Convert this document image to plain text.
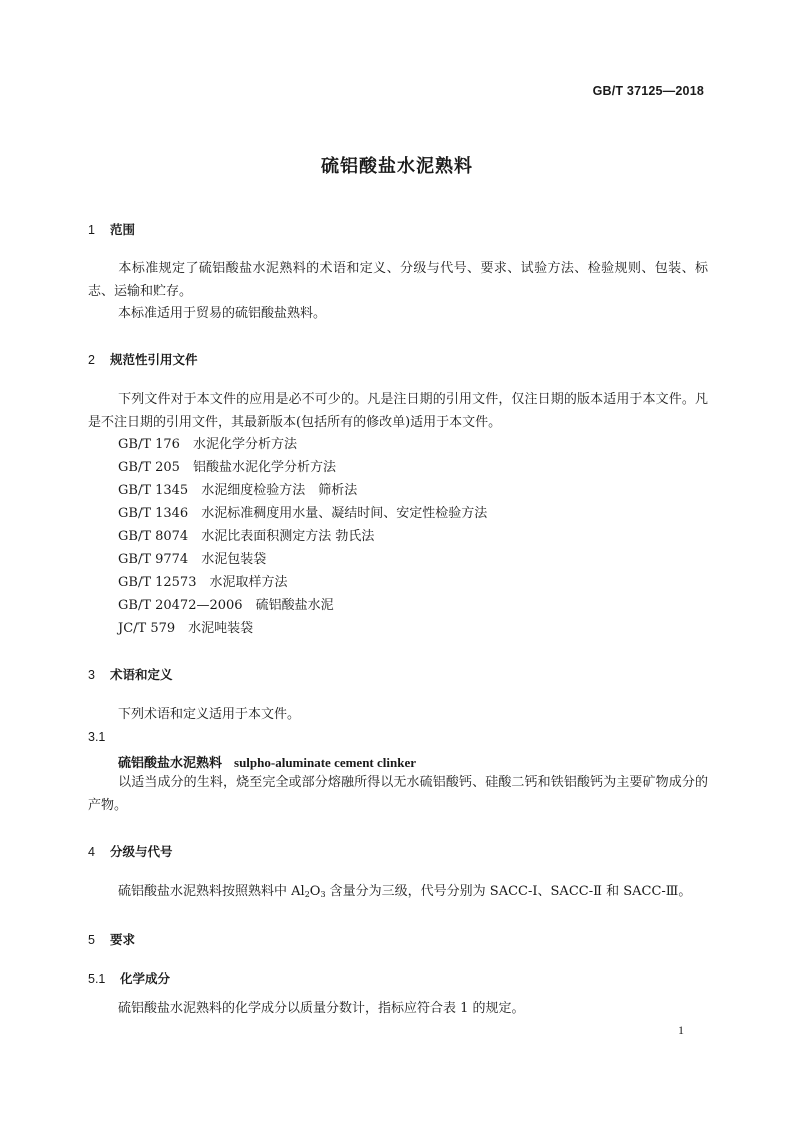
GB/T 37125—2018
硫铝酸盐水泥熟料
1 范围
本标准规定了硫铝酸盐水泥熟料的术语和定义、分级与代号、要求、试验方法、检验规则、包装、标志、运输和贮存。
本标准适用于贸易的硫铝酸盐熟料。
2 规范性引用文件
下列文件对于本文件的应用是必不可少的。凡是注日期的引用文件，仅注日期的版本适用于本文件。凡是不注日期的引用文件，其最新版本(包括所有的修改单)适用于本文件。
GB/T 176　 水泥化学分析方法
GB/T 205　 铝酸盐水泥化学分析方法
GB/T 1345　 水泥细度检验方法　筛析法
GB/T 1346　 水泥标准稠度用水量、凝结时间、安定性检验方法
GB/T 8074　 水泥比表面积测定方法 勃氏法
GB/T 9774　 水泥包装袋
GB/T 12573　 水泥取样方法
GB/T 20472—2006　 硫铝酸盐水泥
JC/T 579　 水泥吨装袋
3 术语和定义
下列术语和定义适用于本文件。
3.1
硫铝酸盐水泥熟料 sulpho-aluminate cement clinker
以适当成分的生料，烧至完全或部分熔融所得以无水硫铝酸钙、硅酸二钙和铁铝酸钙为主要矿物成分的产物。
4 分级与代号
硫铝酸盐水泥熟料按照熟料中 $Al_2O_3$ 含量分为三级，代号分别为 SACC-Ⅰ、SACC-Ⅱ 和 SACC-Ⅲ。
5 要求
5.1 化学成分
硫铝酸盐水泥熟料的化学成分以质量分数计，指标应符合表 1 的规定。
1
